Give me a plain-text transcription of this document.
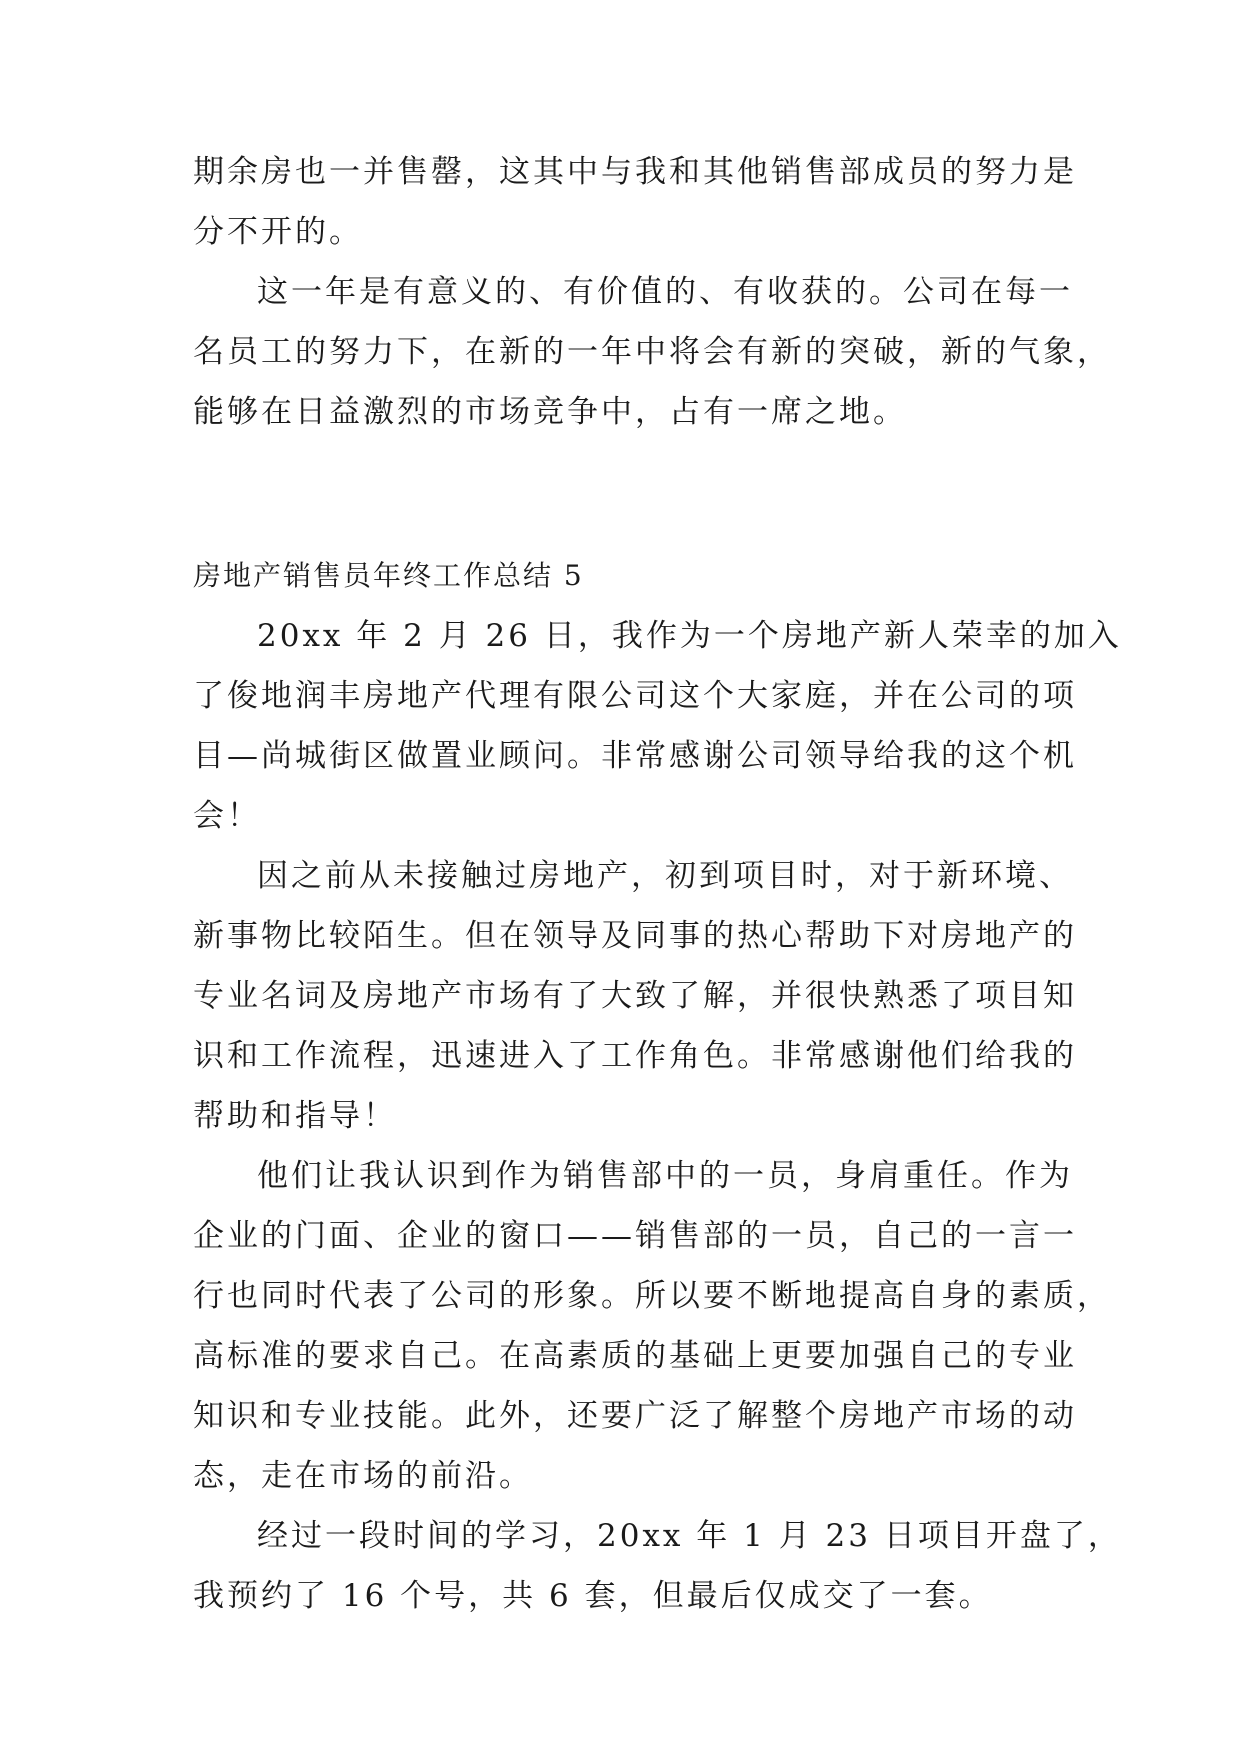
期余房也一并售罄，这其中与我和其他销售部成员的努力是
分不开的。
这一年是有意义的、有价值的、有收获的。公司在每一
名员工的努力下，在新的一年中将会有新的突破，新的气象，
能够在日益激烈的市场竞争中，占有一席之地。
房地产销售员年终工作总结 5
20xx 年 2 月 26 日，我作为一个房地产新人荣幸的加入
了俊地润丰房地产代理有限公司这个大家庭，并在公司的项
目—尚城街区做置业顾问。非常感谢公司领导给我的这个机
会！
因之前从未接触过房地产，初到项目时，对于新环境、
新事物比较陌生。但在领导及同事的热心帮助下对房地产的
专业名词及房地产市场有了大致了解，并很快熟悉了项目知
识和工作流程，迅速进入了工作角色。非常感谢他们给我的
帮助和指导！
他们让我认识到作为销售部中的一员，身肩重任。作为
企业的门面、企业的窗口——销售部的一员，自己的一言一
行也同时代表了公司的形象。所以要不断地提高自身的素质，
高标准的要求自己。在高素质的基础上更要加强自己的专业
知识和专业技能。此外，还要广泛了解整个房地产市场的动
态，走在市场的前沿。
经过一段时间的学习，20xx 年 1 月 23 日项目开盘了，
我预约了 16 个号，共 6 套，但最后仅成交了一套。
